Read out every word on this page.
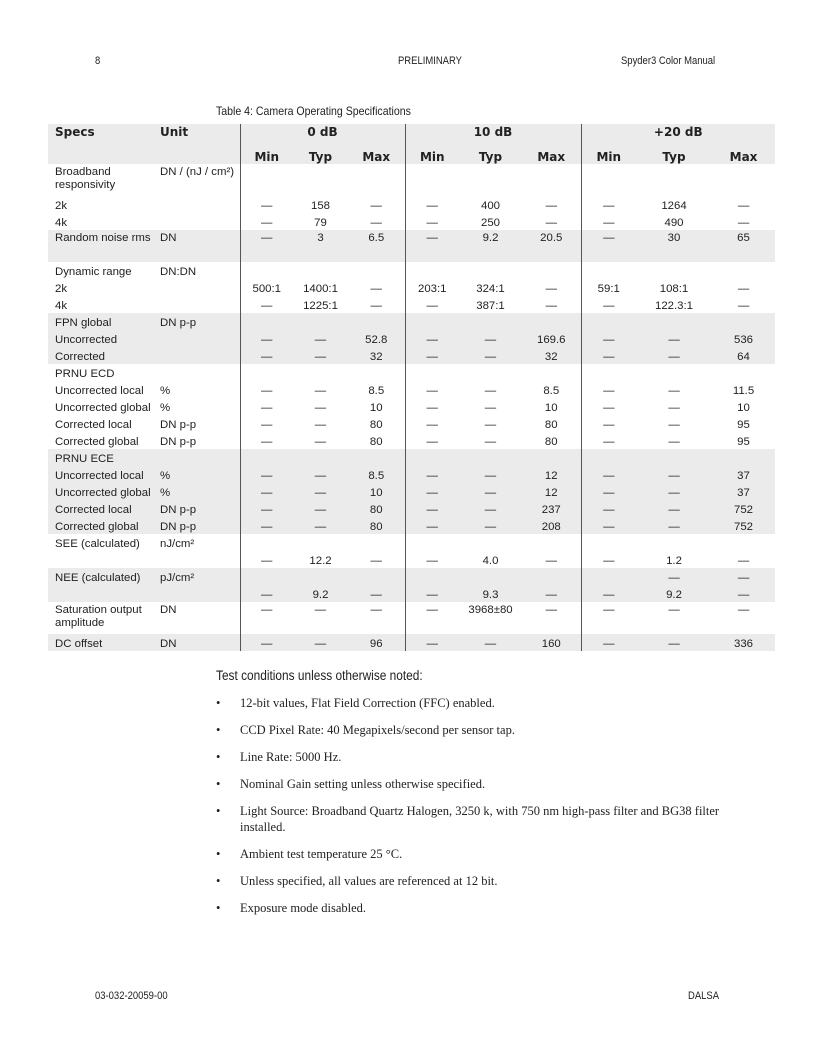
8	PRELIMINARY	Spyder3 Color Manual
Table 4: Camera Operating Specifications
Specs	Unit	0 dB			10 dB			+20 dB		
		Min	Typ	Max	Min	Typ	Max	Min	Typ	Max
Broadband responsivity	DN / (nJ / cm²)									
2k		—	158	—	—	400	—	—	1264	—
4k		—	79	—	—	250	—	—	490	—
Random noise rms	DN	—	3	6.5	—	9.2	20.5	—	30	65
Dynamic range	DN:DN									
2k		500:1	1400:1	—	203:1	324:1	—	59:1	108:1	—
4k		—	1225:1	—	—	387:1	—	—	122.3:1	—
FPN global	DN p-p									
Uncorrected		—	—	52.8	—	—	169.6	—	—	536
Corrected		—	—	32	—	—	32	—	—	64
PRNU ECD										
Uncorrected local	%	—	—	8.5	—	—	8.5	—	—	11.5
Uncorrected global	%	—	—	10	—	—	10	—	—	10
Corrected local	DN p-p	—	—	80	—	—	80	—	—	95
Corrected global	DN p-p	—	—	80	—	—	80	—	—	95
PRNU ECE										
Uncorrected local	%	—	—	8.5	—	—	12	—	—	37
Uncorrected global	%	—	—	10	—	—	12	—	—	37
Corrected local	DN p-p	—	—	80	—	—	237	—	—	752
Corrected global	DN p-p	—	—	80	—	—	208	—	—	752
SEE (calculated)	nJ/cm²									
		—	12.2	—	—	4.0	—	—	1.2	—
NEE (calculated)	pJ/cm²								—	—
		—	9.2	—	—	9.3	—	—	9.2	—
Saturation output amplitude	DN	—	—	—	—	3968±80	—	—	—	—
DC offset	DN	—	—	96	—	—	160	—	—	336
Test conditions unless otherwise noted:
• 12-bit values, Flat Field Correction (FFC) enabled.
• CCD Pixel Rate: 40 Megapixels/second per sensor tap.
• Line Rate: 5000 Hz.
• Nominal Gain setting unless otherwise specified.
• Light Source: Broadband Quartz Halogen, 3250 k, with 750 nm high-pass filter and BG38 filter installed.
• Ambient test temperature 25 °C.
• Unless specified, all values are referenced at 12 bit.
• Exposure mode disabled.
03-032-20059-00	DALSA
